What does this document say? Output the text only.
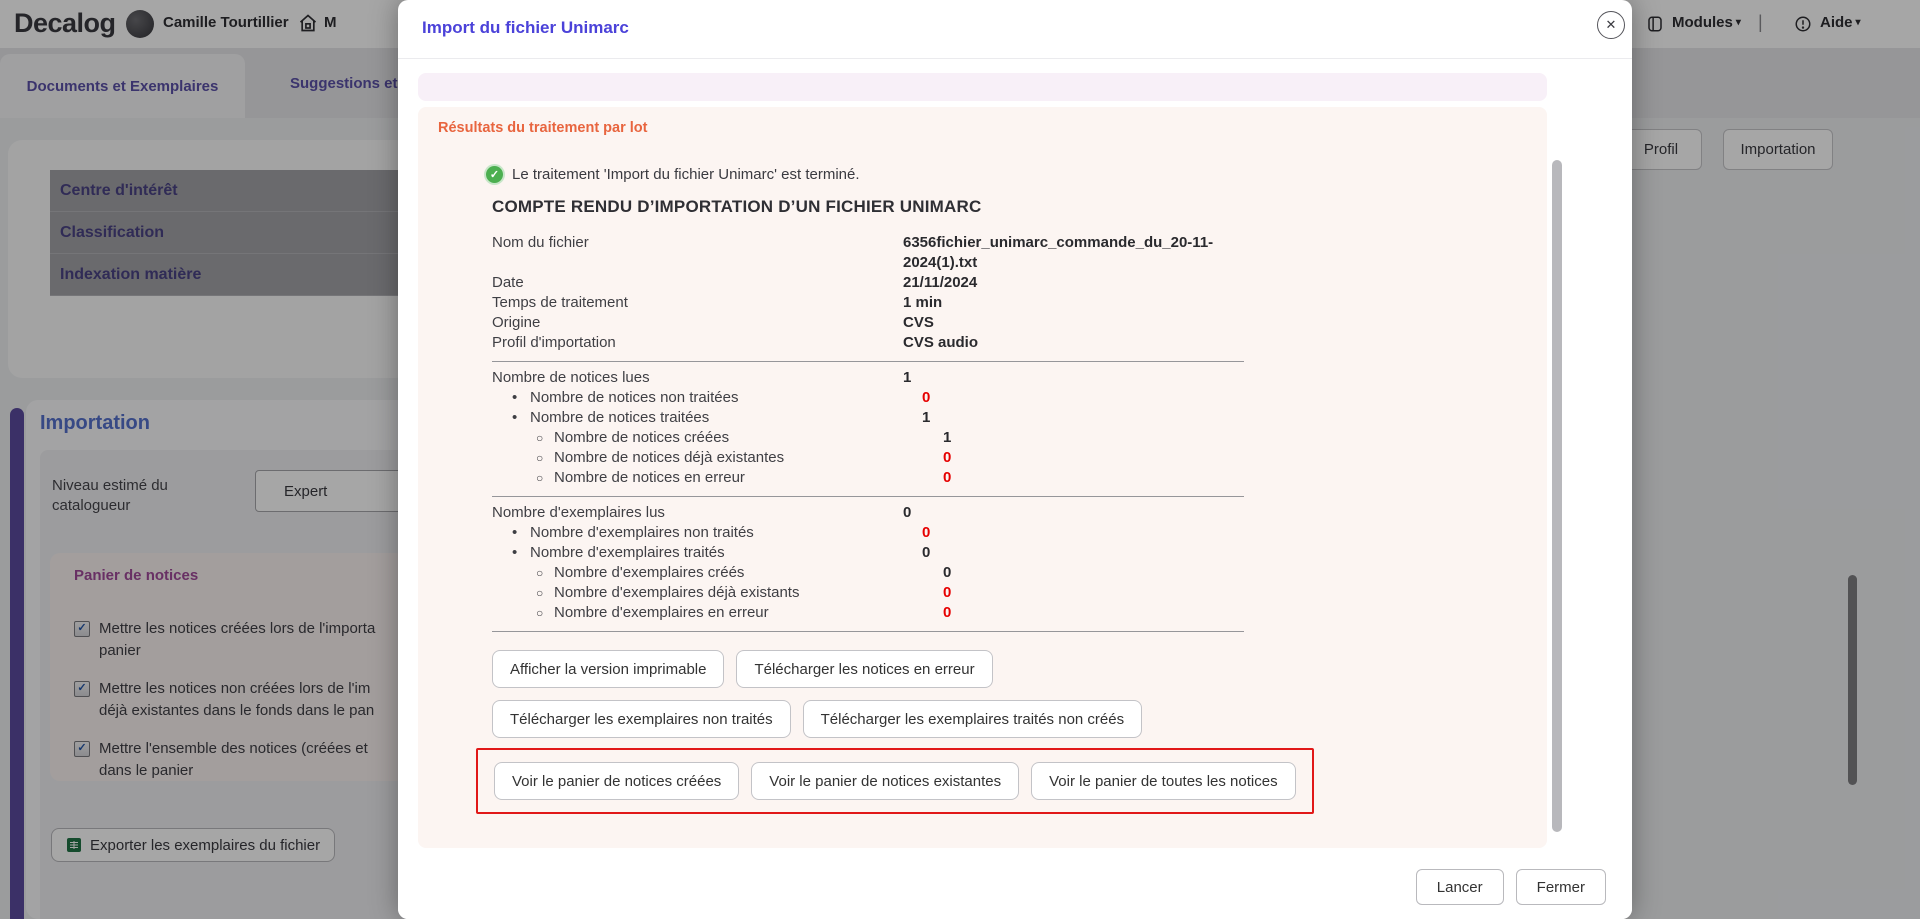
Decalog	Camille Tourtillier M	Modules ▾ |	Aide ▾
Documents et Exemplaires	Suggestions et
Profil	Importation
Centre d'intérêt
Classification
Indexation matière
Importation
Niveau estimé du catalogueur
Expert
Panier de notices
✓
Mettre les notices créées lors de l'importa
panier
✓
Mettre les notices non créées lors de l'im
déjà existantes dans le fonds dans le pan
✓
Mettre l'ensemble des notices (créées et
dans le panier
Exporter les exemplaires du fichier
Import du fichier Unimarc	✕
Résultats du traitement par lot
✓ Le traitement 'Import du fichier Unimarc' est terminé.
COMPTE RENDU D’IMPORTATION D’UN FICHIER UNIMARC
Nom du fichier	6356fichier_unimarc_commande_du_20-11-2024(1).txt
Date	21/11/2024
Temps de traitement	1 min
Origine	CVS
Profil d'importation	CVS audio
Nombre de notices lues	1
•
Nombre de notices non traitées	0
•
Nombre de notices traitées	1
○
Nombre de notices créées	1
○
Nombre de notices déjà existantes	0
○
Nombre de notices en erreur	0
Nombre d'exemplaires lus	0
•
Nombre d'exemplaires non traités	0
•
Nombre d'exemplaires traités	0
○
Nombre d'exemplaires créés	0
○
Nombre d'exemplaires déjà existants	0
○
Nombre d'exemplaires en erreur	0
Afficher la version imprimable	Télécharger les notices en erreur
Télécharger les exemplaires non traités	Télécharger les exemplaires traités non créés
Voir le panier de notices créées	Voir le panier de notices existantes	Voir le panier de toutes les notices
Lancer	Fermer
